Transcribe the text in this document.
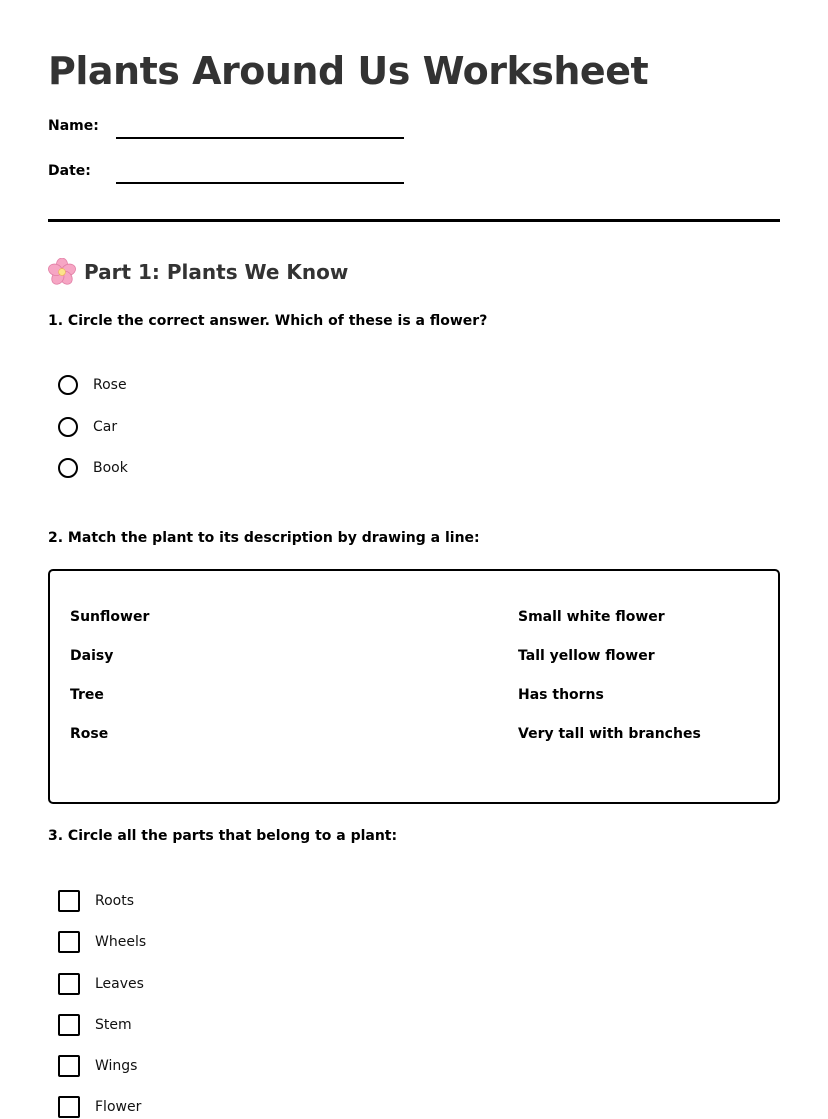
Plants Around Us Worksheet
Name:
Date:
Part 1: Plants We Know

1. Circle the correct answer. Which of these is a flower?

Rose
Car
Book

2. Match the plant to its description by drawing a line:

Sunflower
Daisy
Tree
Rose
Small white flower
Tall yellow flower
Has thorns
Very tall with branches

3. Circle all the parts that belong to a plant:

Roots
Wheels
Leaves
Stem
Wings
Flower
